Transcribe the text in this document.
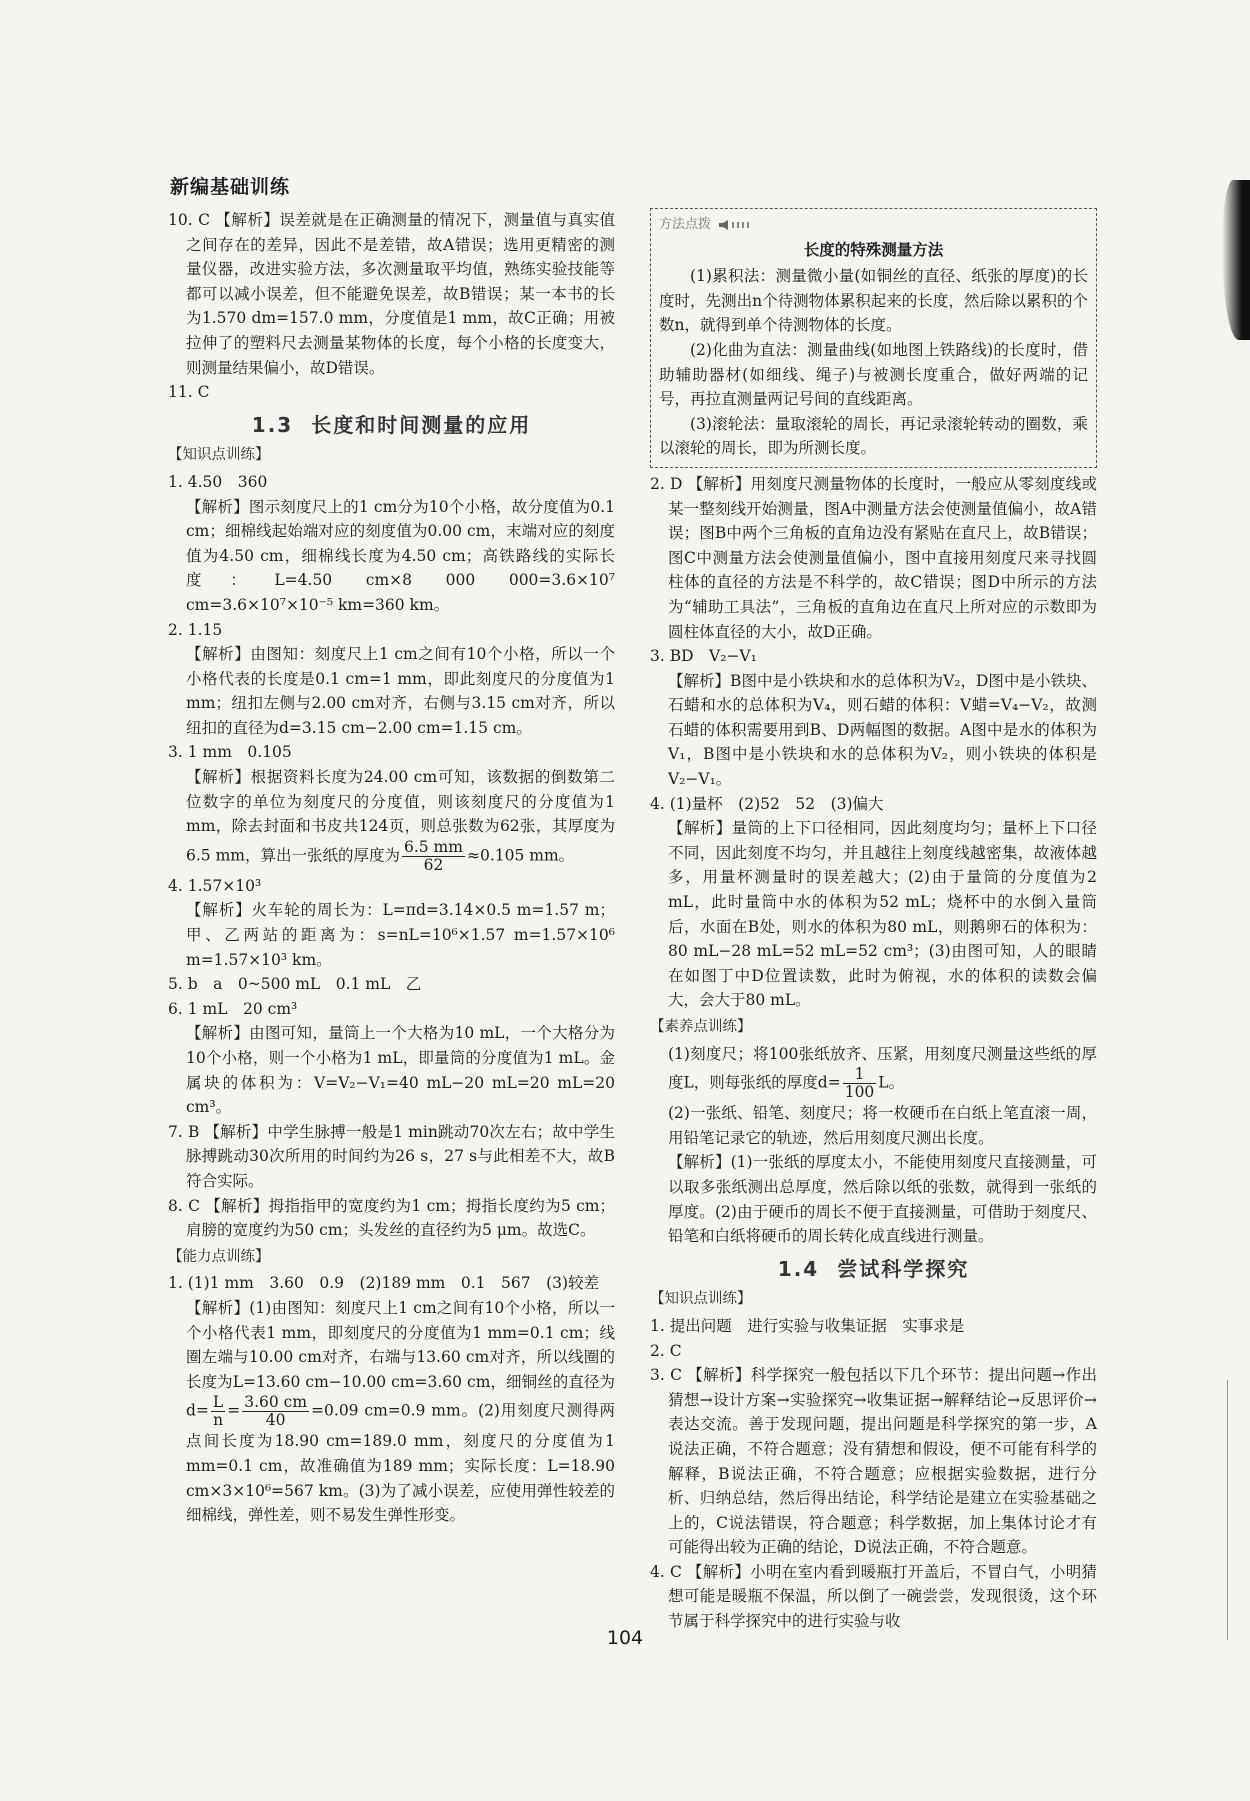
新编基础训练

10. C 【解析】误差就是在正确测量的情况下，测量值与真实值之间存在的差异，因此不是差错，故A错误；选用更精密的测量仪器，改进实验方法，多次测量取平均值，熟练实验技能等都可以减小误差，但不能避免误差，故B错误；某一本书的长为1.570 dm=157.0 mm，分度值是1 mm，故C正确；用被拉伸了的塑料尺去测量某物体的长度，每个小格的长度变大，则测量结果偏小，故D错误。

11. C

1.3 长度和时间测量的应用
【知识点训练】

1. 4.50　360

【解析】图示刻度尺上的1 cm分为10个小格，故分度值为0.1 cm；细棉线起始端对应的刻度值为0.00 cm，末端对应的刻度值为4.50 cm，细棉线长度为4.50 cm；高铁路线的实际长度：L=4.50 cm×8 000 000=3.6×10⁷ cm=3.6×10⁷×10⁻⁵ km=360 km。

2. 1.15

【解析】由图知：刻度尺上1 cm之间有10个小格，所以一个小格代表的长度是0.1 cm=1 mm，即此刻度尺的分度值为1 mm；纽扣左侧与2.00 cm对齐，右侧与3.15 cm对齐，所以纽扣的直径为d=3.15 cm−2.00 cm=1.15 cm。

3. 1 mm　0.105

【解析】根据资料长度为24.00 cm可知，该数据的倒数第二位数字的单位为刻度尺的分度值，则该刻度尺的分度值为1 mm，除去封面和书皮共124页，则总张数为62张，其厚度为6.5 mm，算出一张纸的厚度为 $\frac{6.5 mm}{62} \approx 0.105$ mm。

4. 1.57×10³

【解析】火车轮的周长为：L=πd=3.14×0.5 m=1.57 m；甲、乙两站的距离为：s=nL=10⁶×1.57 m=1.57×10⁶ m=1.57×10³ km。

5. b　a　0~500 mL　0.1 mL　乙

6. 1 mL　20 cm³

【解析】由图可知，量筒上一个大格为10 mL，一个大格分为10个小格，则一个小格为1 mL，即量筒的分度值为1 mL。金属块的体积为：V=V₂−V₁=40 mL−20 mL=20 mL=20 cm³。

7. B 【解析】中学生脉搏一般是1 min跳动70次左右；故中学生脉搏跳动30次所用的时间约为26 s，27 s与此相差不大，故B符合实际。

8. C 【解析】拇指指甲的宽度约为1 cm；拇指长度约为5 cm；肩膀的宽度约为50 cm；头发丝的直径约为5 μm。故选C。

【能力点训练】

1. (1)1 mm　3.60　0.9　(2)189 mm　0.1　567　(3)较差

【解析】(1)由图知：刻度尺上1 cm之间有10个小格，所以一个小格代表1 mm，即刻度尺的分度值为1 mm=0.1 cm；线圈左端与10.00 cm对齐，右端与13.60 cm对齐，所以线圈的长度为L=13.60 cm−10.00 cm=3.60 cm，细铜丝的直径为$d= \frac{L}{n} = \frac{3.60 cm}{40} =0.09$ cm=0.9 mm。(2)用刻度尺测得两点间长度为18.90 cm=189.0 mm，刻度尺的分度值为1 mm=0.1 cm，故准确值为189 mm；实际长度：L=18.90 cm×3×10⁶=567 km。(3)为了减小误差，应使用弹性较差的细棉线，弹性差，则不易发生弹性形变。

方法点拨
长度的特殊测量方法

(1)累积法：测量微小量(如铜丝的直径、纸张的厚度)的长度时，先测出n个待测物体累积起来的长度，然后除以累积的个数n，就得到单个待测物体的长度。

(2)化曲为直法：测量曲线(如地图上铁路线)的长度时，借助辅助器材(如细线、绳子)与被测长度重合，做好两端的记号，再拉直测量两记号间的直线距离。

(3)滚轮法：量取滚轮的周长，再记录滚轮转动的圈数，乘以滚轮的周长，即为所测长度。

2. D 【解析】用刻度尺测量物体的长度时，一般应从零刻度线或某一整刻线开始测量，图A中测量方法会使测量值偏小，故A错误；图B中两个三角板的直角边没有紧贴在直尺上，故B错误；图C中测量方法会使测量值偏小，图中直接用刻度尺来寻找圆柱体的直径的方法是不科学的，故C错误；图D中所示的方法为“辅助工具法”，三角板的直角边在直尺上所对应的示数即为圆柱体直径的大小，故D正确。

3. BD　V₂−V₁

【解析】B图中是小铁块和水的总体积为V₂，D图中是小铁块、石蜡和水的总体积为V₄，则石蜡的体积：V蜡=V₄−V₂，故测石蜡的体积需要用到B、D两幅图的数据。A图中是水的体积为V₁，B图中是小铁块和水的总体积为V₂，则小铁块的体积是V₂−V₁。

4. (1)量杯　(2)52　52　(3)偏大

【解析】量筒的上下口径相同，因此刻度均匀；量杯上下口径不同，因此刻度不均匀，并且越往上刻度线越密集，故液体越多，用量杯测量时的误差越大；(2)由于量筒的分度值为2 mL，此时量筒中水的体积为52 mL；烧杯中的水倒入量筒后，水面在B处，则水的体积为80 mL，则鹅卵石的体积为：80 mL−28 mL=52 mL=52 cm³；(3)由图可知，人的眼睛在如图丁中D位置读数，此时为俯视，水的体积的读数会偏大，会大于80 mL。

【素养点训练】

(1)刻度尺；将100张纸放齐、压紧，用刻度尺测量这些纸的厚度L，则每张纸的厚度$d= \frac{1}{100}$ L。

(2)一张纸、铅笔、刻度尺；将一枚硬币在白纸上笔直滚一周，用铅笔记录它的轨迹，然后用刻度尺测出长度。

【解析】(1)一张纸的厚度太小，不能使用刻度尺直接测量，可以取多张纸测出总厚度，然后除以纸的张数，就得到一张纸的厚度。(2)由于硬币的周长不便于直接测量，可借助于刻度尺、铅笔和白纸将硬币的周长转化成直线进行测量。

1.4 尝试科学探究
【知识点训练】

1. 提出问题　进行实验与收集证据　实事求是

2. C

3. C 【解析】科学探究一般包括以下几个环节：提出问题→作出猜想→设计方案→实验探究→收集证据→解释结论→反思评价→表达交流。善于发现问题，提出问题是科学探究的第一步，A说法正确，不符合题意；没有猜想和假设，便不可能有科学的解释，B说法正确，不符合题意；应根据实验数据，进行分析、归纳总结，然后得出结论，科学结论是建立在实验基础之上的，C说法错误，符合题意；科学数据，加上集体讨论才有可能得出较为正确的结论，D说法正确，不符合题意。

4. C 【解析】小明在室内看到暖瓶打开盖后，不冒白气，小明猜想可能是暖瓶不保温，所以倒了一碗尝尝，发现很烫，这个环节属于科学探究中的进行实验与收

104
